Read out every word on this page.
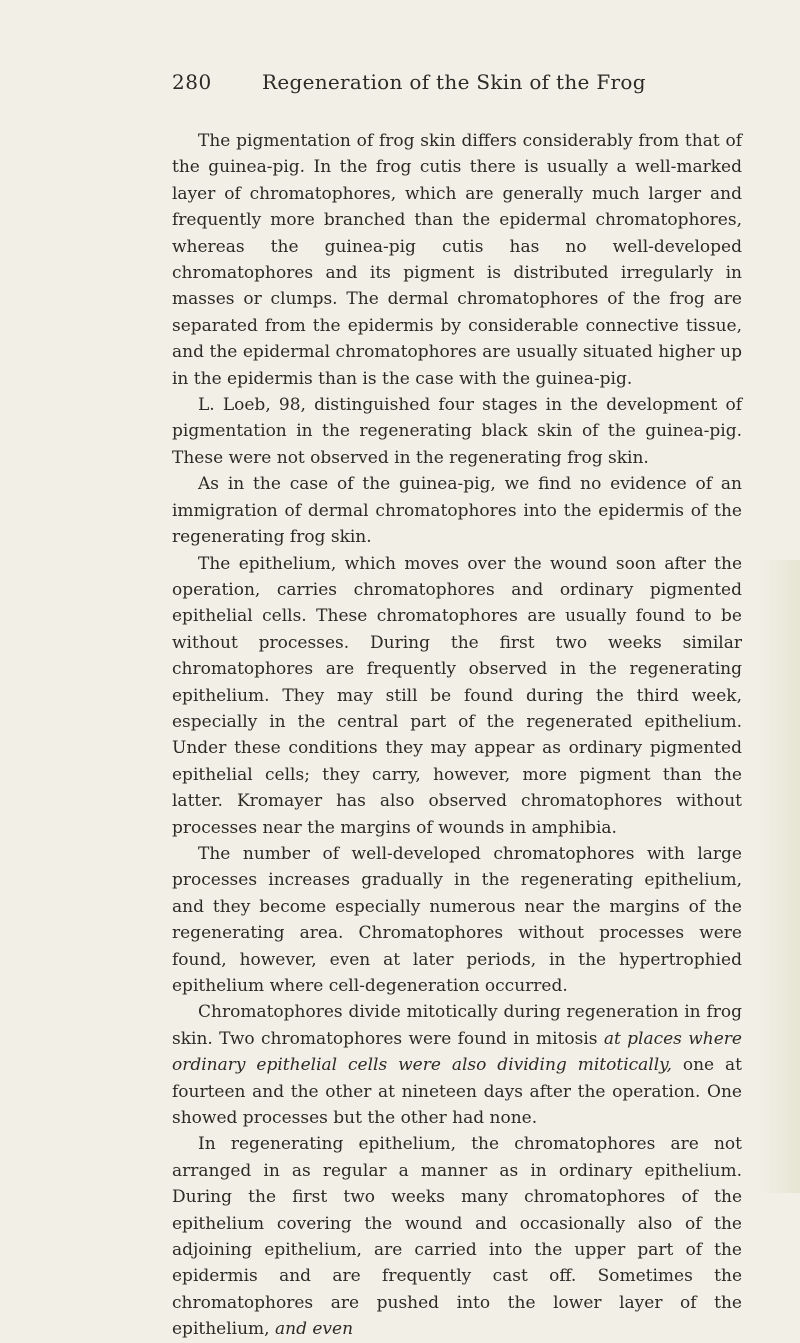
280	Regeneration of the Skin of the Frog

The pigmentation of frog skin differs considerably from that of the guinea-pig. In the frog cutis there is usually a well-marked layer of chromatophores, which are generally much larger and frequently more branched than the epidermal chromatophores, whereas the guinea-pig cutis has no well-developed chromatophores and its pigment is distributed irregularly in masses or clumps. The dermal chromatophores of the frog are separated from the epidermis by considerable connective tissue, and the epidermal chromatophores are usually situated higher up in the epidermis than is the case with the guinea-pig.

L. Loeb, 98, distinguished four stages in the development of pigmentation in the regenerating black skin of the guinea-pig. These were not observed in the regenerating frog skin.

As in the case of the guinea-pig, we find no evidence of an immigration of dermal chromatophores into the epidermis of the regenerating frog skin.

The epithelium, which moves over the wound soon after the operation, carries chromatophores and ordinary pigmented epithelial cells. These chromatophores are usually found to be without processes. During the first two weeks similar chromatophores are frequently observed in the regenerating epithelium. They may still be found during the third week, especially in the central part of the regenerated epithelium. Under these conditions they may appear as ordinary pigmented epithelial cells; they carry, however, more pigment than the latter. Kromayer has also observed chromatophores without processes near the margins of wounds in amphibia.

The number of well-developed chromatophores with large processes increases gradually in the regenerating epithelium, and they become especially numerous near the margins of the regenerating area. Chromatophores without processes were found, however, even at later periods, in the hypertrophied epithelium where cell-degeneration occurred.

Chromatophores divide mitotically during regeneration in frog skin. Two chromatophores were found in mitosis at places where ordinary epithelial cells were also dividing mitotically, one at fourteen and the other at nineteen days after the operation. One showed processes but the other had none.

In regenerating epithelium, the chromatophores are not arranged in as regular a manner as in ordinary epithelium. During the first two weeks many chromatophores of the epithelium covering the wound and occasionally also of the adjoining epithelium, are carried into the upper part of the epidermis and are frequently cast off. Sometimes the chromatophores are pushed into the lower layer of the epithelium, and even
